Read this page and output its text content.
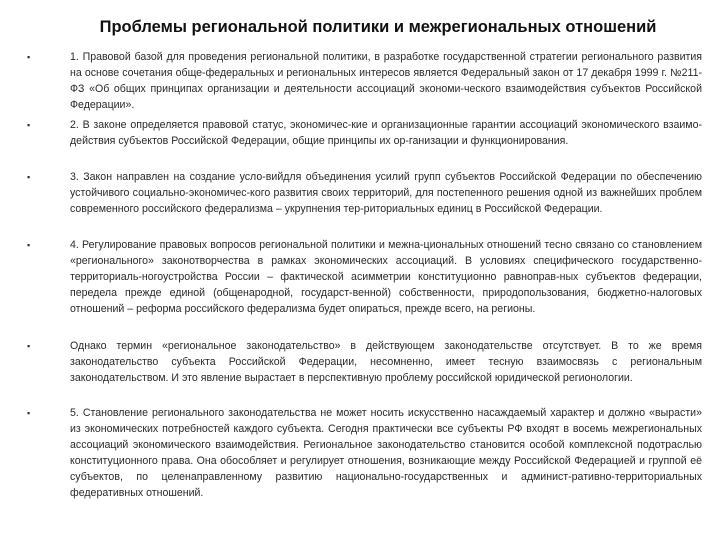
Проблемы региональной политики и межрегиональных отношений
▪	1. Правовой базой для проведения региональной политики, в разработке государственной стратегии регионального развития на основе сочетания обще-федеральных и региональных интересов является Федеральный закон от 17 декабря 1999 г. №211-ФЗ «Об общих принципах организации и деятельности ассоциаций экономи-ческого взаимодействия субъектов Российской Федерации».
▪	2. В законе определяется правовой статус, экономичес-кие и организационные гарантии ассоциаций экономического взаимо-действия субъектов Российской Федерации, общие принципы их ор-ганизации и функционирования.
▪	3. Закон направлен на создание усло-вийдля объединения усилий групп субъектов Российской Федерации по обеспечению устойчивого социально-экономичес-кого развития своих территорий, для постепенного решения одной из важнейших проблем современного российского федерализма – укрупнения тер-риториальных единиц в Российской Федерации.
▪	4. Регулирование правовых вопросов региональной политики и межна-циональных отношений тесно связано со становлением «регионального» законотворчества в рамках экономических ассоциаций. В условиях специфического государственно-территориаль-ногоустройства России – фактической асимметрии конституционно равноправ-ных субъектов федерации, передела прежде единой (общенародной, государст-венной) собственности, природопользования, бюджетно-налоговых отношений – реформа российского федерализма будет опираться, прежде всего, на регионы.
▪	Однако термин «региональное законодательство» в действующем законодательстве отсутствует. В то же время законодательство субъекта Российской Федерации, несомненно, имеет тесную взаимосвязь с региональным законодательством. И это явление вырастает в перспективную проблему российской юридической регионологии.
▪	5. Становление регионального законодательства не может носить искусственно насаждаемый характер и должно «вырасти» из экономических потребностей каждого субъекта. Сегодня практически все субъекты РФ входят в восемь межрегиональных ассоциаций экономического взаимодействия. Региональное законодательство становится особой комплексной подотраслью конституционного права. Она обособляет и регулирует отношения, возникающие между Российской Федерацией и группой её субъектов, по целенаправленному развитию национально-государственных и админист-ративно-территориальных федеративных отношений.
